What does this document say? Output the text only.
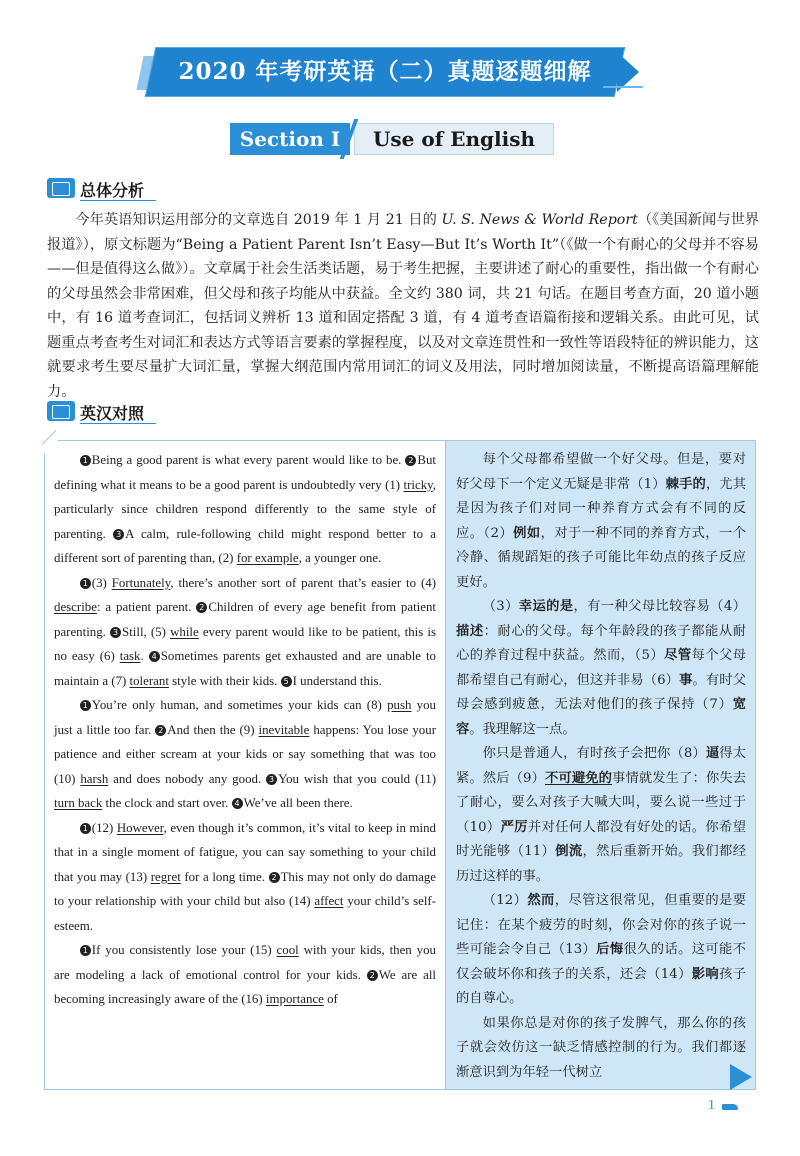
2020 年考研英语（二）真题逐题细解
Section Ⅰ	Use of English
总体分析
今年英语知识运用部分的文章选自 2019 年 1 月 21 日的 U. S. News & World Report（《美国新闻与世界报道》），原文标题为“Being a Patient Parent Isn’t Easy—But It’s Worth It”（《做一个有耐心的父母并不容易——但是值得这么做》）。文章属于社会生活类话题，易于考生把握，主要讲述了耐心的重要性，指出做一个有耐心的父母虽然会非常困难，但父母和孩子均能从中获益。全文约 380 词，共 21 句话。在题目考查方面，20 道小题中，有 16 道考查词汇，包括词义辨析 13 道和固定搭配 3 道，有 4 道考查语篇衔接和逻辑关系。由此可见，试题重点考查考生对词汇和表达方式等语言要素的掌握程度，以及对文章连贯性和一致性等语段特征的辨识能力，这就要求考生要尽量扩大词汇量，掌握大纲范围内常用词汇的词义及用法，同时增加阅读量，不断提高语篇理解能力。
英汉对照

1 Being a good parent is what every parent would like to be. 2 But defining what it means to be a good parent is undoubtedly very (1) tricky, particularly since children respond differently to the same style of parenting. 3 A calm, rule-following child might respond better to a different sort of parenting than, (2) for example, a younger one.

1 (3) Fortunately, there’s another sort of parent that’s easier to (4) describe: a patient parent. 2 Children of every age benefit from patient parenting. 3 Still, (5) while every parent would like to be patient, this is no easy (6) task. 4 Sometimes parents get exhausted and are unable to maintain a (7) tolerant style with their kids. 5 I understand this.

1 You’re only human, and sometimes your kids can (8) push you just a little too far. 2 And then the (9) inevitable happens: You lose your patience and either scream at your kids or say something that was too (10) harsh and does nobody any good. 3 You wish that you could (11) turn back the clock and start over. 4 We’ve all been there.

1 (12) However, even though it’s common, it’s vital to keep in mind that in a single moment of fatigue, you can say something to your child that you may (13) regret for a long time. 2 This may not only do damage to your relationship with your child but also (14) affect your child’s self-esteem.

1 If you consistently lose your (15) cool with your kids, then you are modeling a lack of emotional control for your kids. 2 We are all becoming increasingly aware of the (16) importance of

每个父母都希望做一个好父母。但是，要对好父母下一个定义无疑是非常（1）棘手的，尤其是因为孩子们对同一种养育方式会有不同的反应。（2）例如，对于一种不同的养育方式，一个冷静、循规蹈矩的孩子可能比年幼点的孩子反应更好。

（3）幸运的是，有一种父母比较容易（4）描述：耐心的父母。每个年龄段的孩子都能从耐心的养育过程中获益。然而，（5）尽管每个父母都希望自己有耐心，但这并非易（6）事。有时父母会感到疲惫，无法对他们的孩子保持（7）宽容。我理解这一点。

你只是普通人，有时孩子会把你（8）逼得太紧。然后（9）不可避免的事情就发生了：你失去了耐心，要么对孩子大喊大叫，要么说一些过于（10）严厉并对任何人都没有好处的话。你希望时光能够（11）倒流，然后重新开始。我们都经历过这样的事。

（12）然而，尽管这很常见，但重要的是要记住：在某个疲劳的时刻，你会对你的孩子说一些可能会令自己（13）后悔很久的话。这可能不仅会破坏你和孩子的关系，还会（14）影响孩子的自尊心。

如果你总是对你的孩子发脾气，那么你的孩子就会效仿这一缺乏情感控制的行为。我们都逐渐意识到为年轻一代树立

1
